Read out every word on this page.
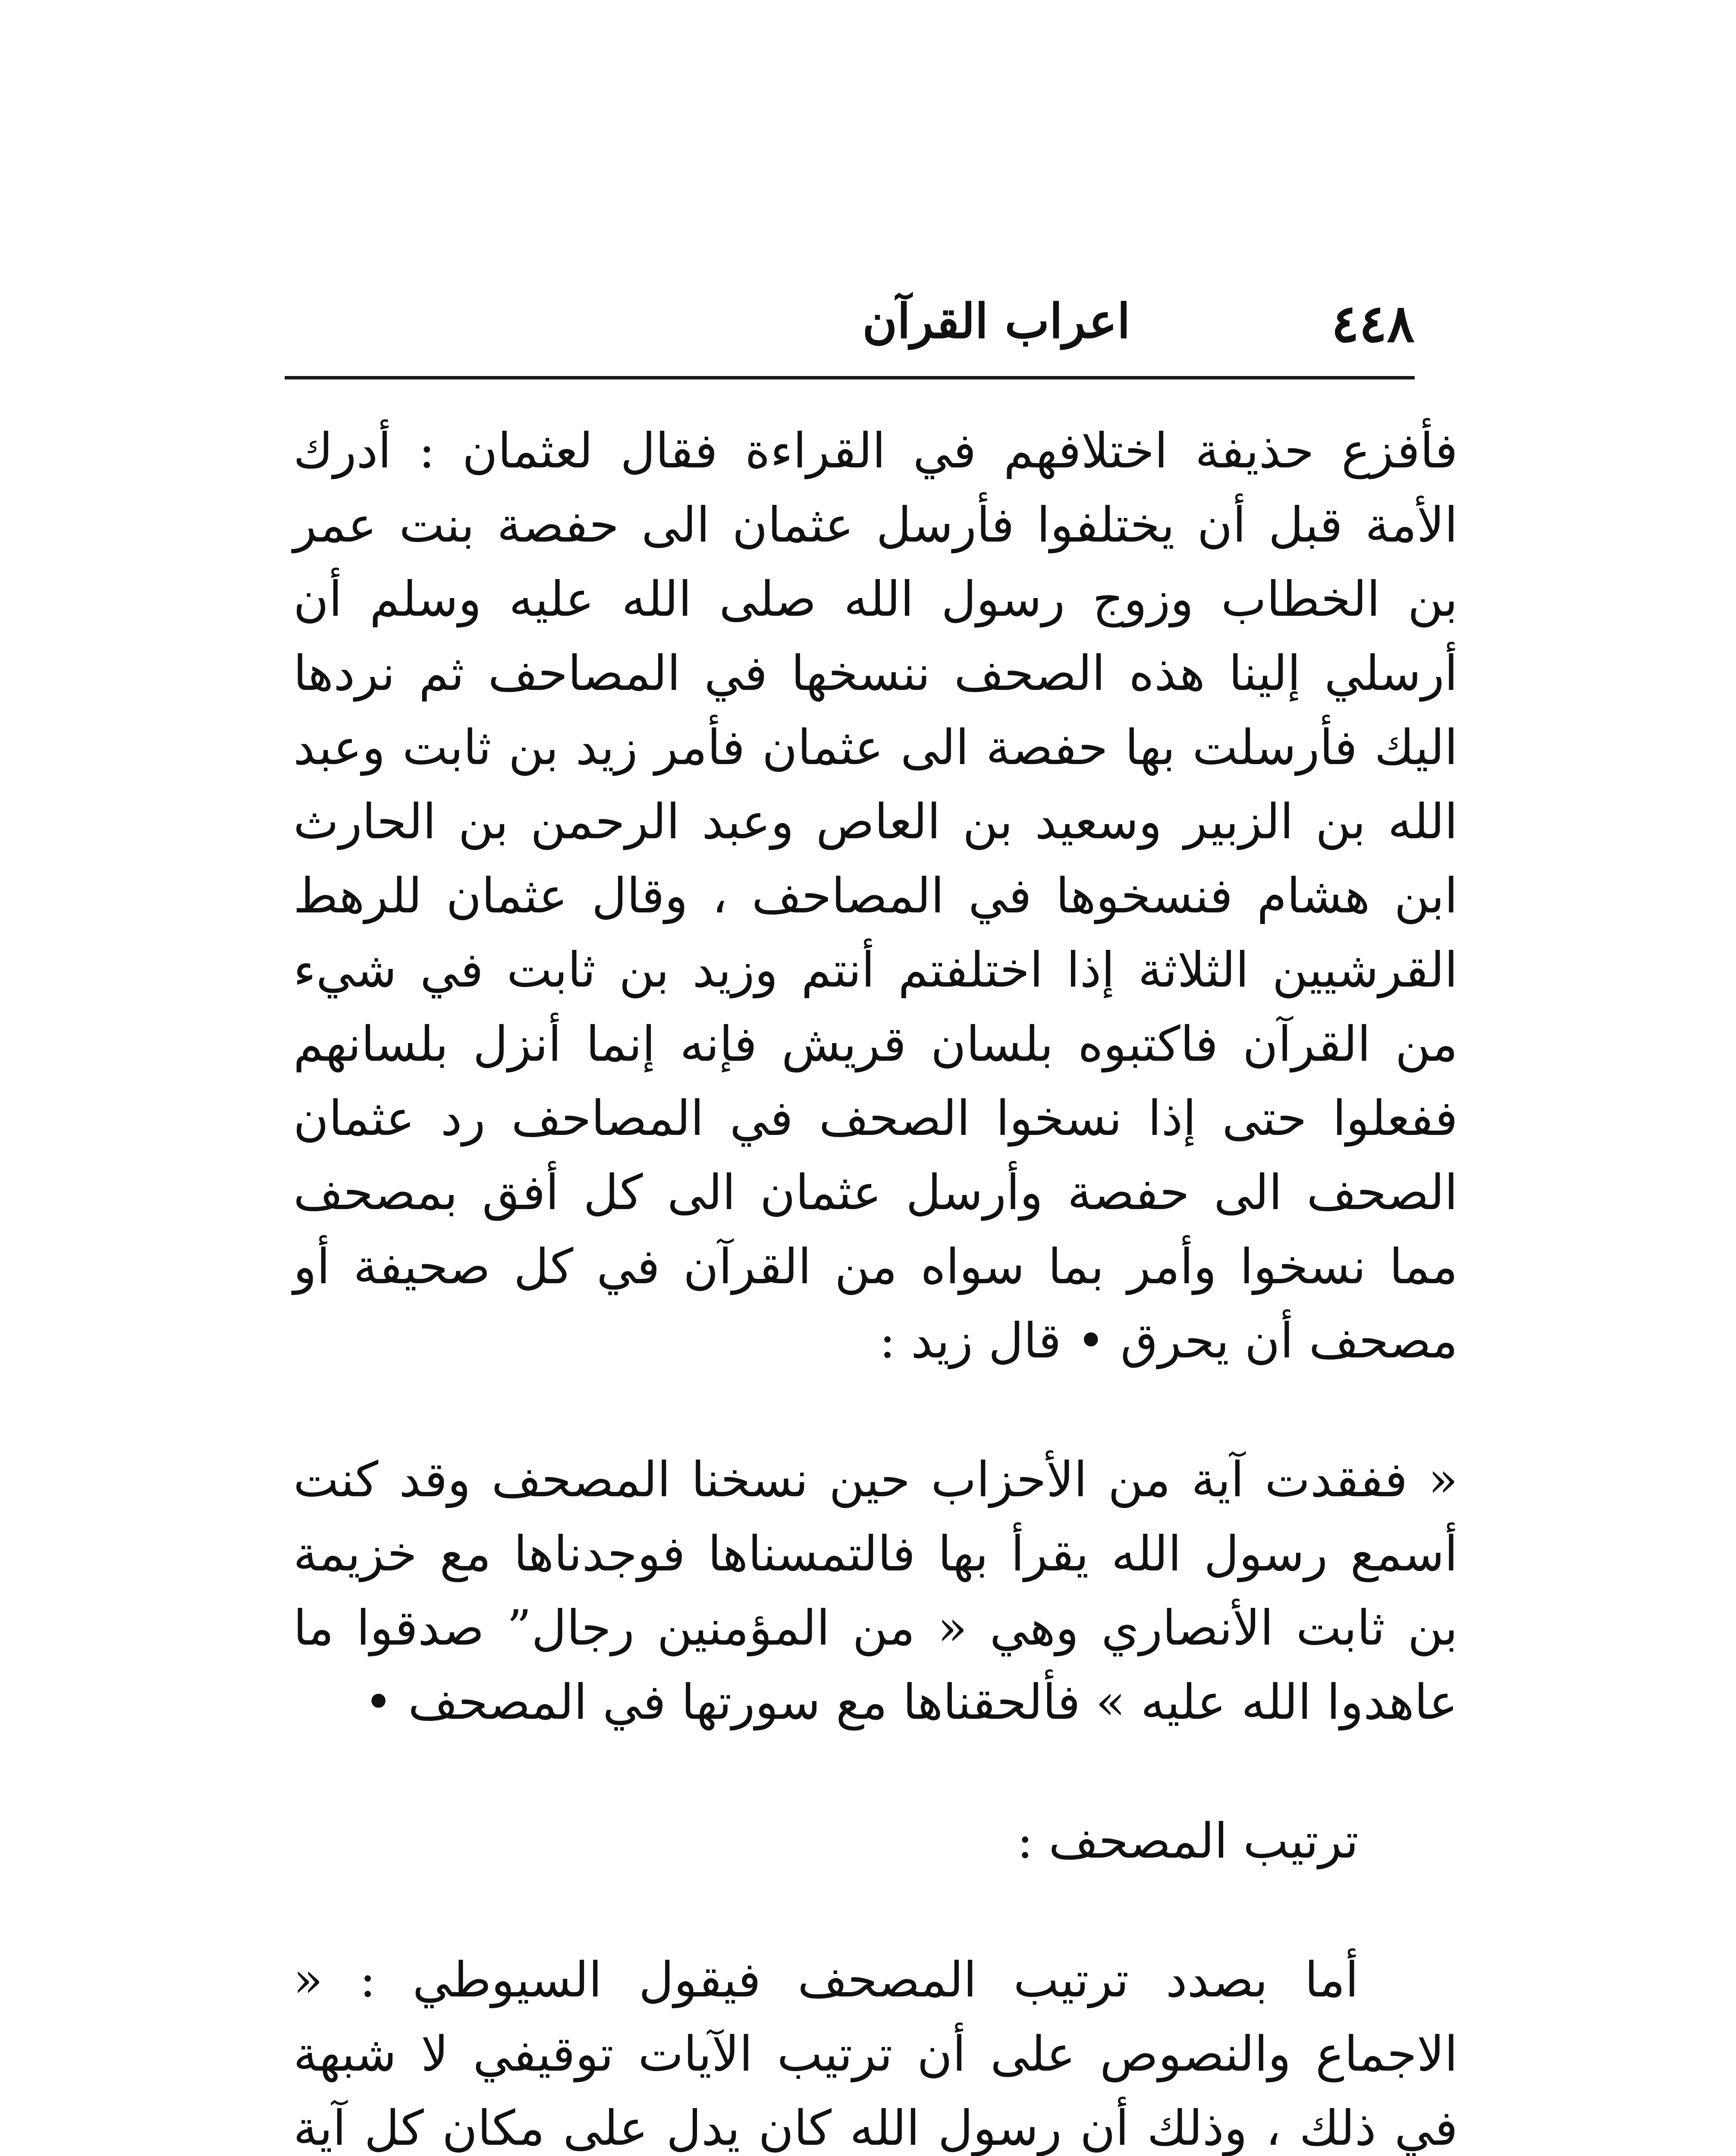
٤٤٨
اعراب القرآن

فأفزع حذيفة اختلافهم في القراءة فقال لعثمان : أدرك الأمة قبل أن يختلفوا فأرسل عثمان الى حفصة بنت عمر بن الخطاب وزوج رسول الله صلى الله عليه وسلم أن أرسلي إلينا هذه الصحف ننسخها في المصاحف ثم نردها اليك فأرسلت بها حفصة الى عثمان فأمر زيد بن ثابت وعبد الله بن الزبير وسعيد بن العاص وعبد الرحمن بن الحارث ابن هشام فنسخوها في المصاحف ، وقال عثمان للرهط القرشيين الثلاثة إذا اختلفتم أنتم وزيد بن ثابت في شيء من القرآن فاكتبوه بلسان قريش فإنه إنما أنزل بلسانهم ففعلوا حتى إذا نسخوا الصحف في المصاحف رد عثمان الصحف الى حفصة وأرسل عثمان الى كل أفق بمصحف مما نسخوا وأمر بما سواه من القرآن في كل صحيفة أو مصحف أن يحرق • قال زيد :

« ففقدت آية من الأحزاب حين نسخنا المصحف وقد كنت أسمع رسول الله يقرأ بها فالتمسناها فوجدناها مع خزيمة بن ثابت الأنصاري وهي « من المؤمنين رجال” صدقوا ما عاهدوا الله عليه » فألحقناها مع سورتها في المصحف •

ترتيب المصحف :

أما بصدد ترتيب المصحف فيقول السيوطي : « الاجماع والنصوص على أن ترتيب الآيات توقيفي لا شبهة في ذلك ، وذلك أن رسول الله كان يدل على مكان كل آية
